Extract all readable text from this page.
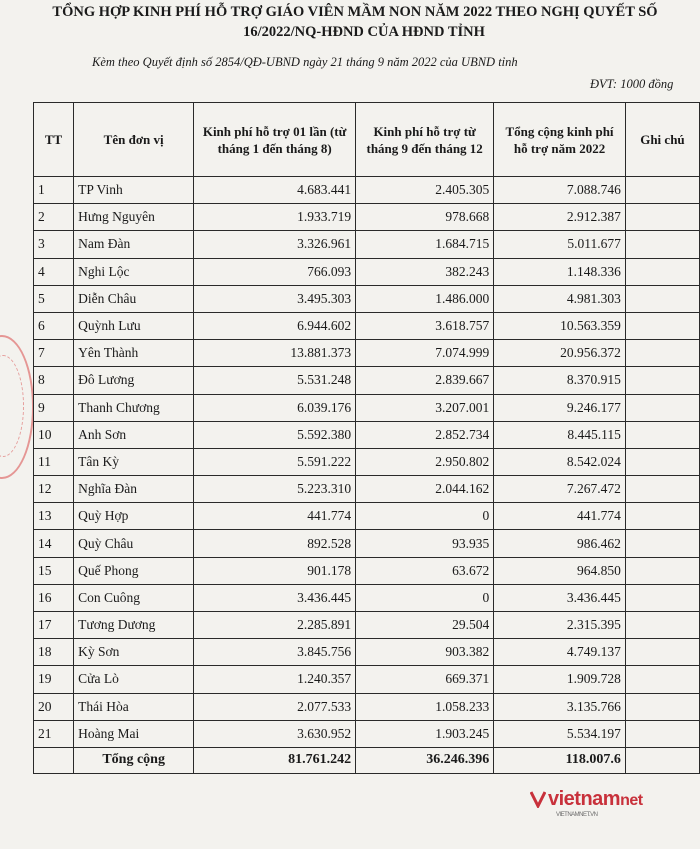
TỔNG HỢP KINH PHÍ HỖ TRỢ GIÁO VIÊN MẦM NON NĂM 2022 THEO NGHỊ QUYẾT SỐ
16/2022/NQ-HĐND CỦA HĐND TỈNH
Kèm theo Quyết định số 2854/QĐ-UBND ngày 21 tháng 9 năm 2022 của UBND tỉnh
ĐVT: 1000 đồng
TT	Tên đơn vị	Kinh phí hỗ trợ 01 lần (từ tháng 1 đến tháng 8)	Kinh phí hỗ trợ từ tháng 9 đến tháng 12	Tổng cộng kinh phí hỗ trợ năm 2022	Ghi chú
1	TP Vinh	4.683.441	2.405.305	7.088.746	
2	Hưng Nguyên	1.933.719	978.668	2.912.387	
3	Nam Đàn	3.326.961	1.684.715	5.011.677	
4	Nghi Lộc	766.093	382.243	1.148.336	
5	Diễn Châu	3.495.303	1.486.000	4.981.303	
6	Quỳnh Lưu	6.944.602	3.618.757	10.563.359	
7	Yên Thành	13.881.373	7.074.999	20.956.372	
8	Đô Lương	5.531.248	2.839.667	8.370.915	
9	Thanh Chương	6.039.176	3.207.001	9.246.177	
10	Anh Sơn	5.592.380	2.852.734	8.445.115	
11	Tân Kỳ	5.591.222	2.950.802	8.542.024	
12	Nghĩa Đàn	5.223.310	2.044.162	7.267.472	
13	Quỳ Hợp	441.774	0	441.774	
14	Quỳ Châu	892.528	93.935	986.462	
15	Quế Phong	901.178	63.672	964.850	
16	Con Cuông	3.436.445	0	3.436.445	
17	Tương Dương	2.285.891	29.504	2.315.395	
18	Kỳ Sơn	3.845.756	903.382	4.749.137	
19	Cửa Lò	1.240.357	669.371	1.909.728	
20	Thái Hòa	2.077.533	1.058.233	3.135.766	
21	Hoàng Mai	3.630.952	1.903.245	5.534.197	
	Tổng cộng	81.761.242	36.246.396	118.007.6	
vietnamnet
VIETNAMNET.VN
